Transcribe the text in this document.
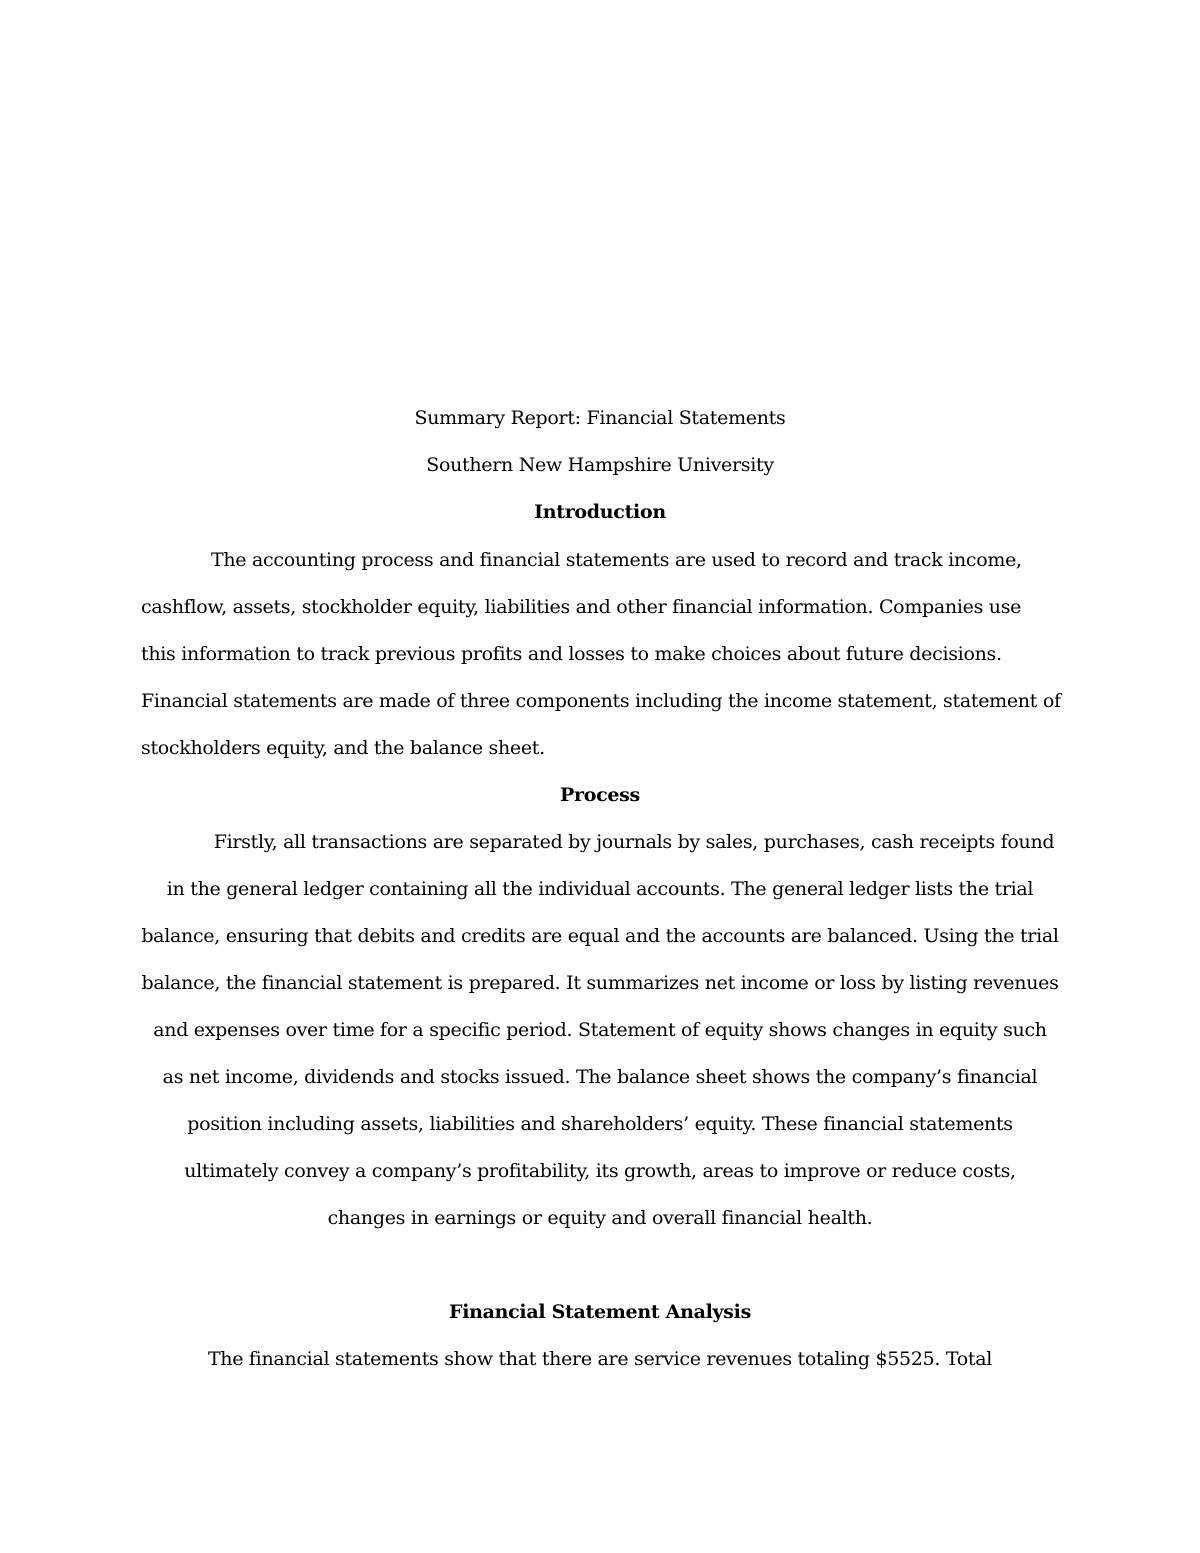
Summary Report: Financial Statements
Southern New Hampshire University
Introduction
The accounting process and financial statements are used to record and track income,
cashflow, assets, stockholder equity, liabilities and other financial information. Companies use
this information to track previous profits and losses to make choices about future decisions.
Financial statements are made of three components including the income statement, statement of
stockholders equity, and the balance sheet.
Process
Firstly, all transactions are separated by journals by sales, purchases, cash receipts found
in the general ledger containing all the individual accounts. The general ledger lists the trial
balance, ensuring that debits and credits are equal and the accounts are balanced. Using the trial
balance, the financial statement is prepared. It summarizes net income or loss by listing revenues
and expenses over time for a specific period. Statement of equity shows changes in equity such
as net income, dividends and stocks issued. The balance sheet shows the company’s financial
position including assets, liabilities and shareholders’ equity. These financial statements
ultimately convey a company’s profitability, its growth, areas to improve or reduce costs,
changes in earnings or equity and overall financial health.
Financial Statement Analysis
The financial statements show that there are service revenues totaling $5525. Total
